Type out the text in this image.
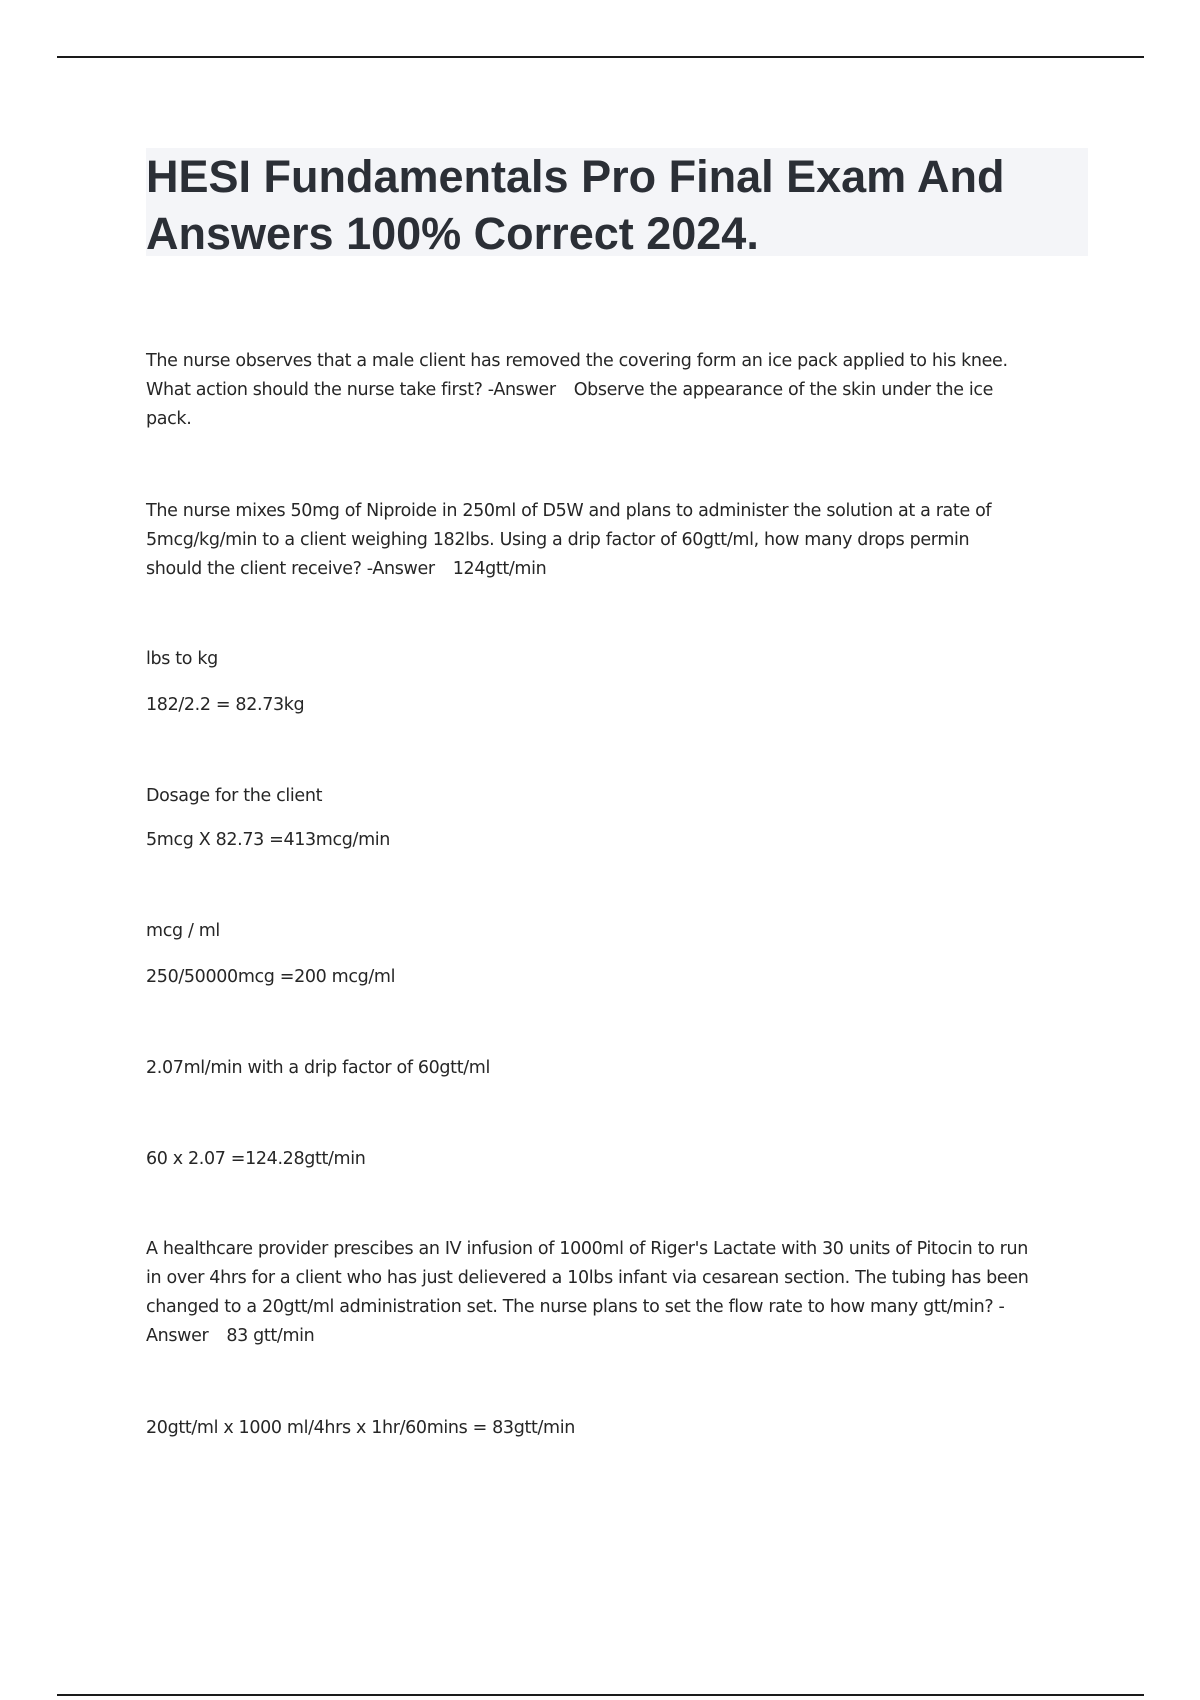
HESI Fundamentals Pro Final Exam And
Answers 100% Correct 2024.

The nurse observes that a male client has removed the covering form an ice pack applied to his knee.
What action should the nurse take first? -Answer Observe the appearance of the skin under the ice
pack.

The nurse mixes 50mg of Niproide in 250ml of D5W and plans to administer the solution at a rate of
5mcg/kg/min to a client weighing 182lbs. Using a drip factor of 60gtt/ml, how many drops permin
should the client receive? -Answer 124gtt/min

lbs to kg

182/2.2 = 82.73kg

Dosage for the client

5mcg X 82.73 =413mcg/min

mcg / ml

250/50000mcg =200 mcg/ml

2.07ml/min with a drip factor of 60gtt/ml

60 x 2.07 =124.28gtt/min

A healthcare provider prescibes an IV infusion of 1000ml of Riger's Lactate with 30 units of Pitocin to run
in over 4hrs for a client who has just delievered a 10lbs infant via cesarean section. The tubing has been
changed to a 20gtt/ml administration set. The nurse plans to set the flow rate to how many gtt/min? -
Answer 83 gtt/min

20gtt/ml x 1000 ml/4hrs x 1hr/60mins = 83gtt/min
